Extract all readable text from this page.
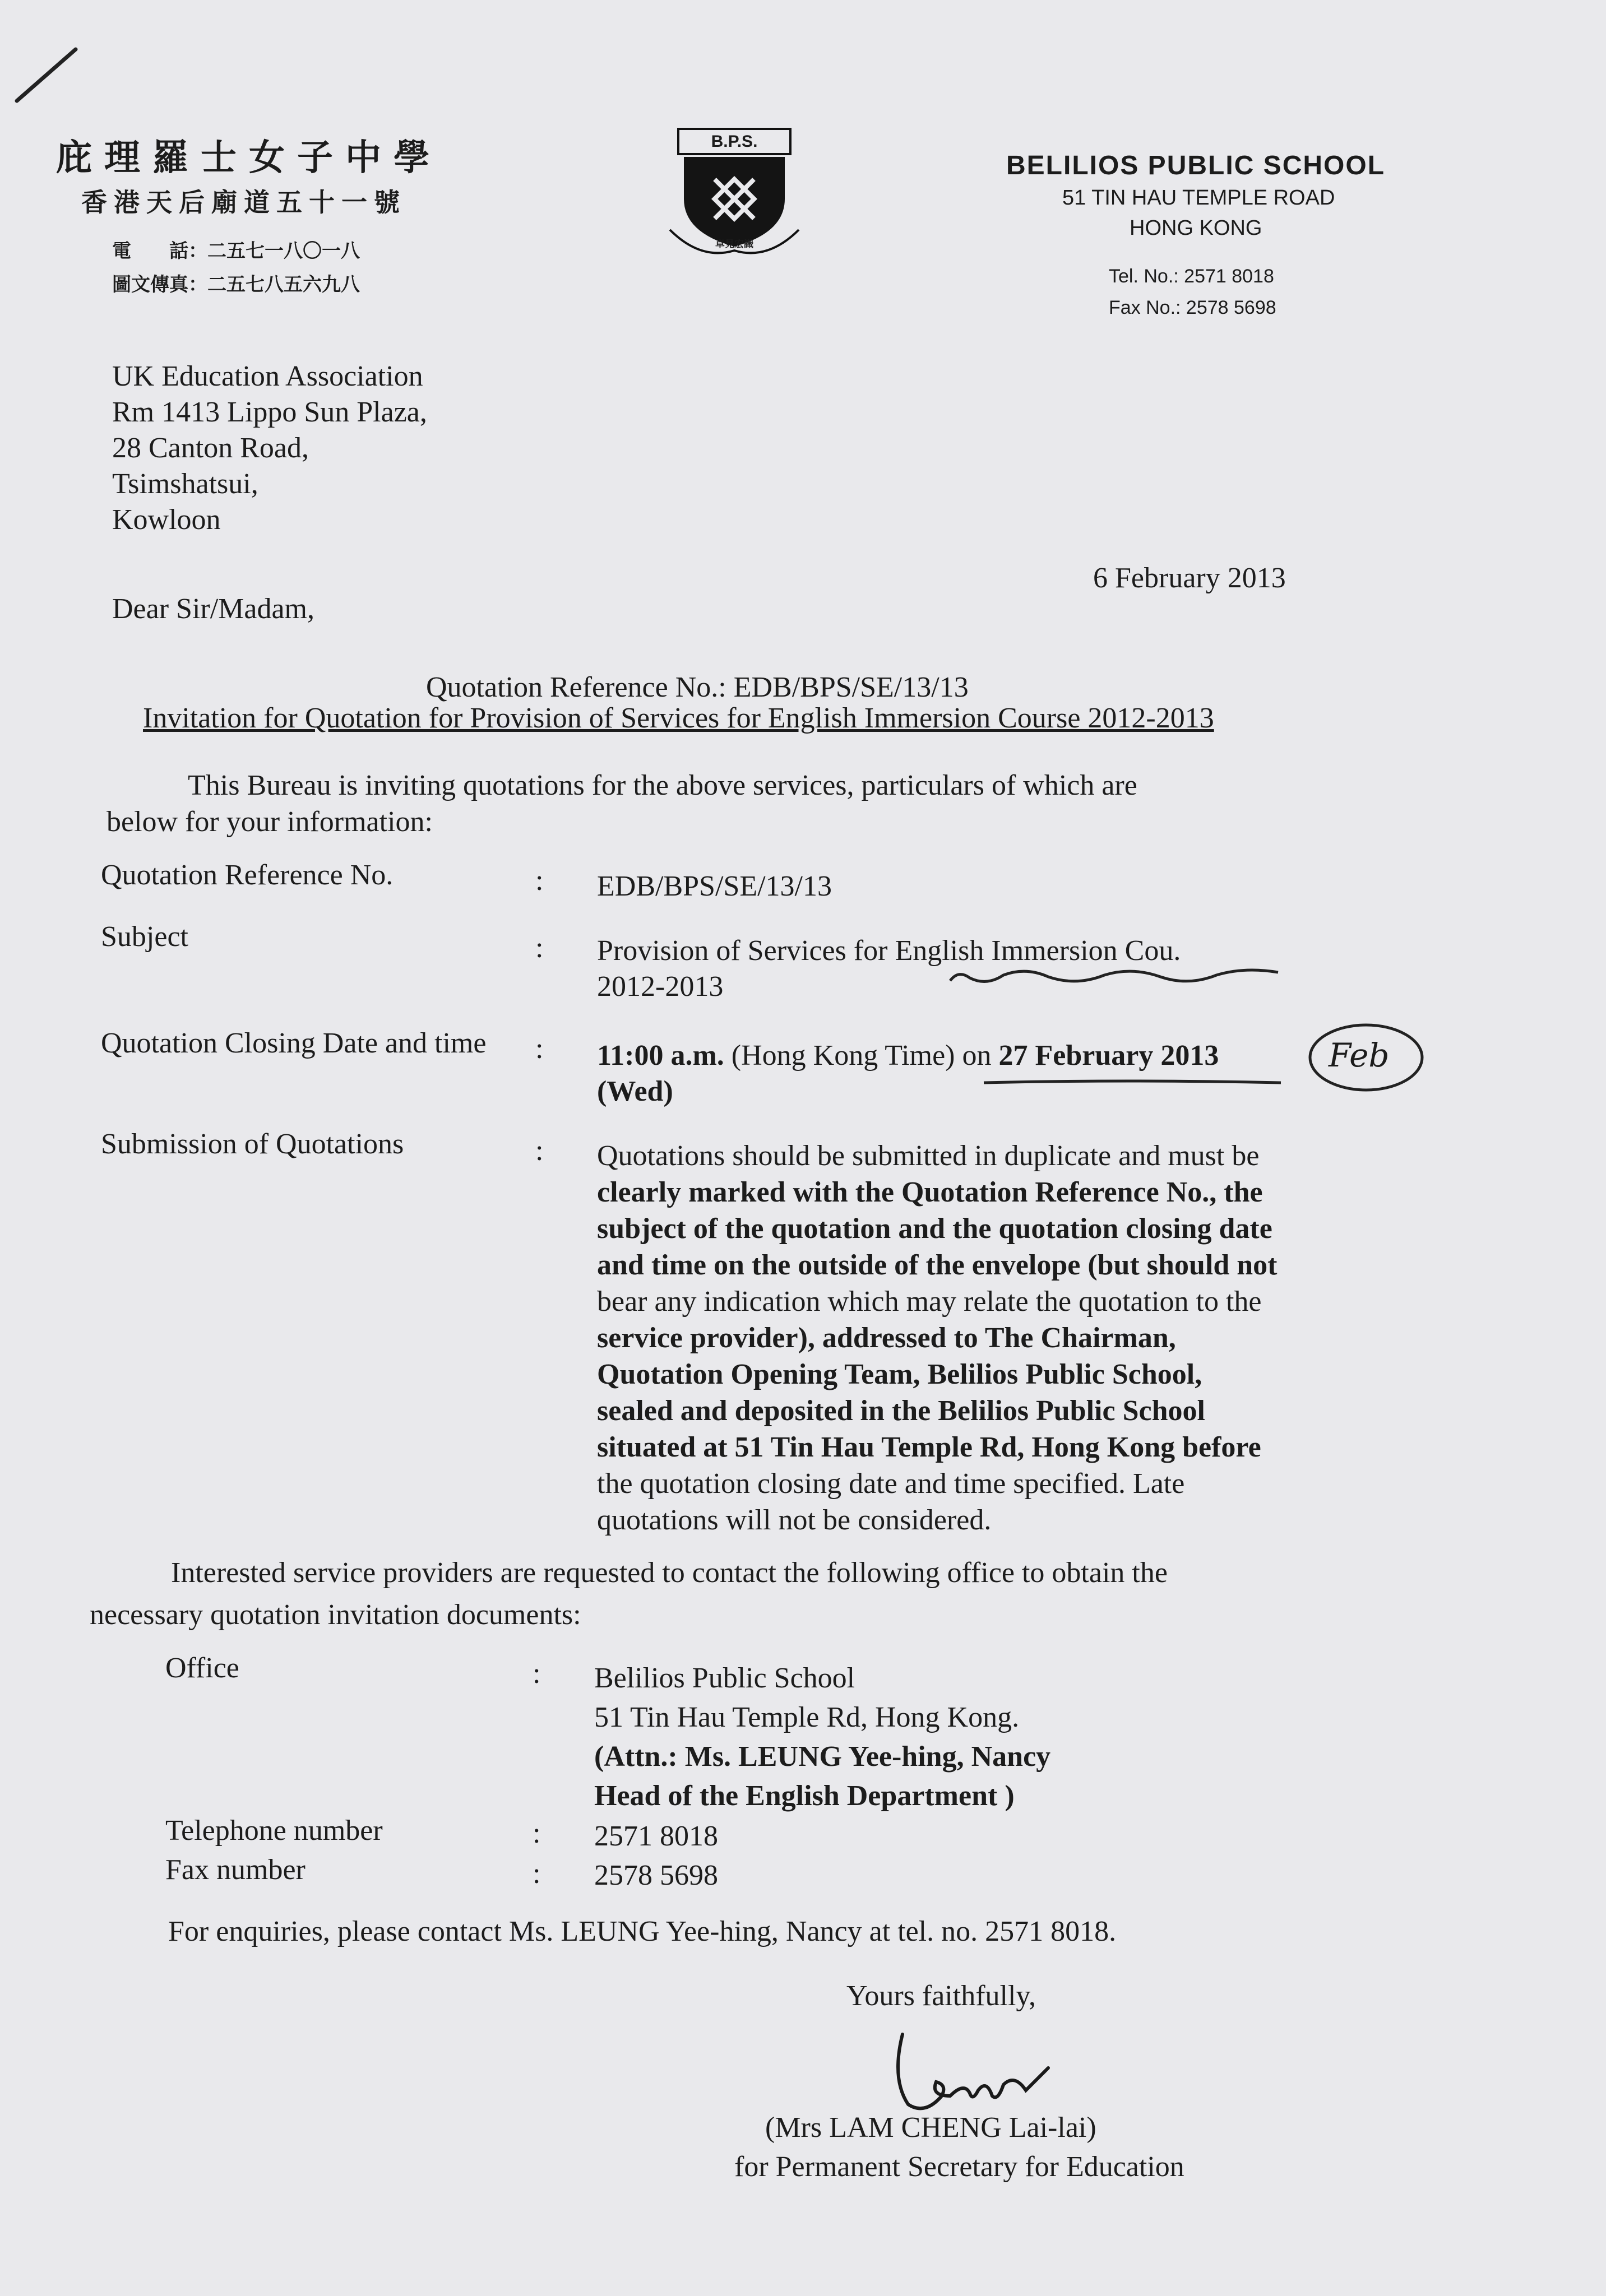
庇理羅士女子中學
香港天后廟道五十一號
電　　話：二五七一八〇一八
圖文傳真：二五七八五六九八
B.P.S.
卓見宏識
BELILIOS PUBLIC SCHOOL
51 TIN HAU TEMPLE ROAD
HONG KONG
Tel. No.: 2571 8018
Fax No.: 2578 5698
UK Education Association
Rm 1413 Lippo Sun Plaza,
28 Canton Road,
Tsimshatsui,
Kowloon
6 February 2013
Dear Sir/Madam,
Quotation Reference No.: EDB/BPS/SE/13/13
Invitation for Quotation for Provision of Services for English Immersion Course 2012-2013
This Bureau is inviting quotations for the above services, particulars of which are
below for your information:
Quotation Reference No.	: EDB/BPS/SE/13/13
Subject	: Provision of Services for English Immersion Cou.
2012-2013
Quotation Closing Date and time : 11:00 a.m. (Hong Kong Time) on 27 February 2013
(Wed)
Feb
Submission of Quotations	: Quotations should be submitted in duplicate and must be
clearly marked with the Quotation Reference No., the
subject of the quotation and the quotation closing date
and time on the outside of the envelope (but should not
bear any indication which may relate the quotation to the
service provider), addressed to The Chairman,
Quotation Opening Team, Belilios Public School,
sealed and deposited in the Belilios Public School
situated at 51 Tin Hau Temple Rd, Hong Kong before
the quotation closing date and time specified. Late
quotations will not be considered.
Interested service providers are requested to contact the following office to obtain the
necessary quotation invitation documents:
Office	: Belilios Public School
51 Tin Hau Temple Rd, Hong Kong.
(Attn.: Ms. LEUNG Yee-hing, Nancy
Head of the English Department )
Telephone number	: 2571 8018
Fax number	: 2578 5698
For enquiries, please contact Ms. LEUNG Yee-hing, Nancy at tel. no. 2571 8018.
Yours faithfully,
(Mrs LAM CHENG Lai-lai)
for Permanent Secretary for Education
